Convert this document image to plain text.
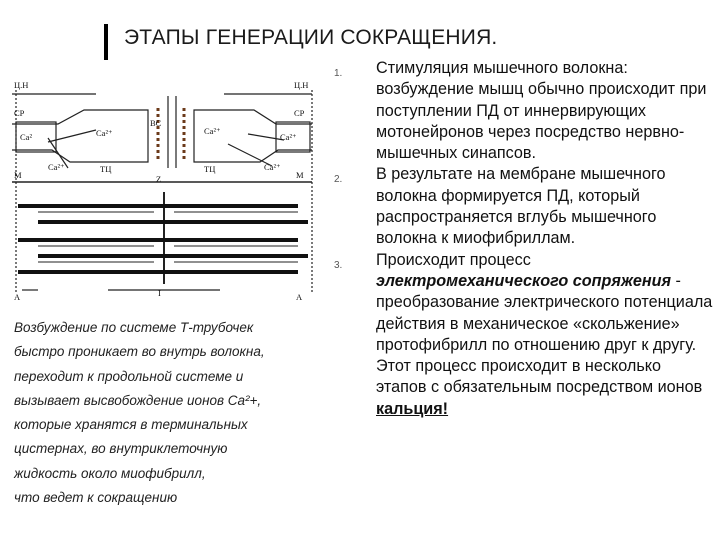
ЭТАПЫ ГЕНЕРАЦИИ СОКРАЩЕНИЯ.
Ц.Н	Ц.Н
СР	СР
ВС
Ca²	Ca²⁺	Ca²⁺
Ca²⁺
Ca²⁺	Ca²⁺
ТЦ	ТЦ
М	М
Z
A	A
I
Возбуждение по системе Т-трубочек
быстро проникает во внутрь волокна,
переходит к продольной системе и
вызывает высвобождение ионов Ca²+,
которые хранятся в терминальных
цистернах, во внутриклеточную
жидкость около миофибрилл,
что ведет к сокращению
1. Стимуляция мышечного волокна: возбуждение мышц обычно происходит при поступлении ПД от иннервирующих мотонейронов через посредство нервно-мышечных синапсов.
2. В результате на мембране мышечного волокна формируется ПД, который распространяется вглубь мышечного волокна к миофибриллам.
3. Происходит процесс электромеханического сопряжения - преобразование электрического потенциала действия в механическое «скольжение» протофибрилл по отношению друг к другу. Этот процесс происходит в несколько этапов с обязательным посредством ионов кальция!
